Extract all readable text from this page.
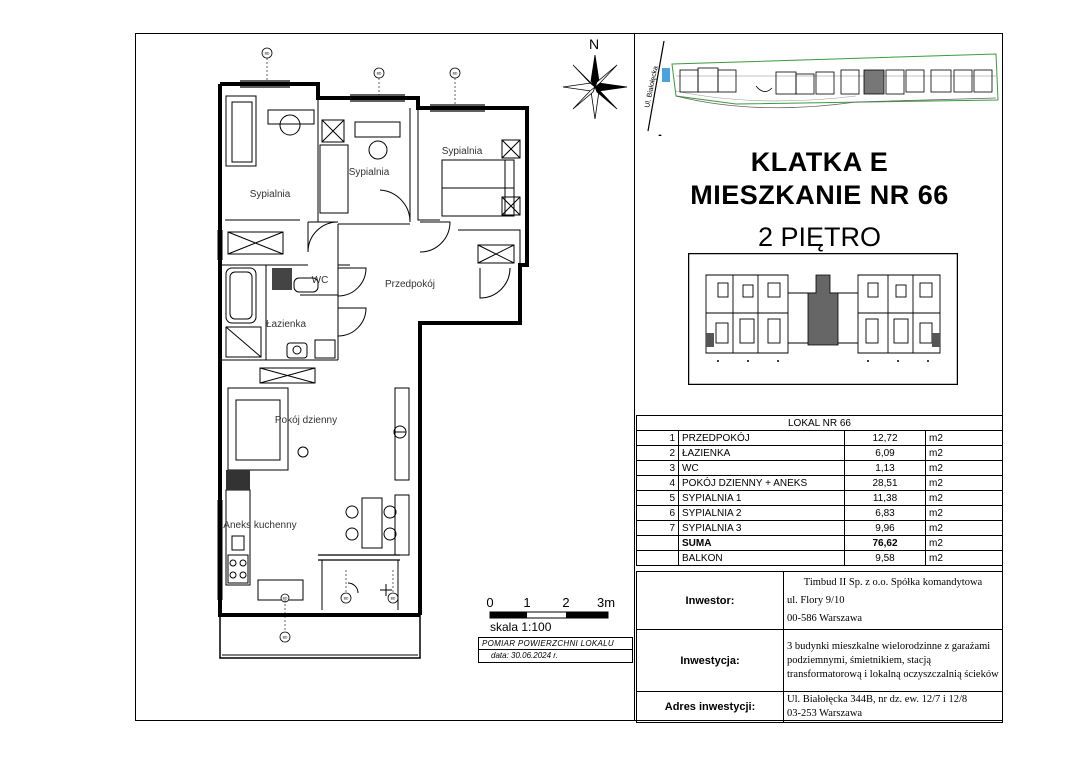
BD
BD	BD
BD	BD
BD
BD
Sypialnia
Sypialnia
Sypialnia
WC	Przedpokój
Łazienka
Pokój dzienny
Aneks kuchenny
N
Ul. Białołęcka
KLATKA E
MIESZKANIE NR 66
2 PIĘTRO
LOKAL NR 66			
1	PRZEDPOKÓJ	12,72	m2
2	ŁAZIENKA	6,09	m2
3	WC	1,13	m2
4	POKÓJ DZIENNY + ANEKS	28,51	m2
5	SYPIALNIA 1	11,38	m2
6	SYPIALNIA 2	6,83	m2
7	SYPIALNIA 3	9,96	m2
	SUMA	76,62	m2
	BALKON	9,58	m2
Inwestor:	Timbud II Sp. z o.o. Spółka komandytowa
ul. Flory 9/10
00-586 Warszawa

Inwestycja:	3 budynki mieszkalne wielorodzinne z garażami podziemnymi, śmietnikiem, stacją transformatorową i lokalną oczyszczalnią ścieków
Adres inwestycji:	Ul. Białołęcka 344B, nr dz. ew. 12/7 i 12/8
03-253 Warszawa
0 1 2 3m
skala 1:100
POMIAR POWIERZCHNI LOKALU
data: 30.06.2024 r.
